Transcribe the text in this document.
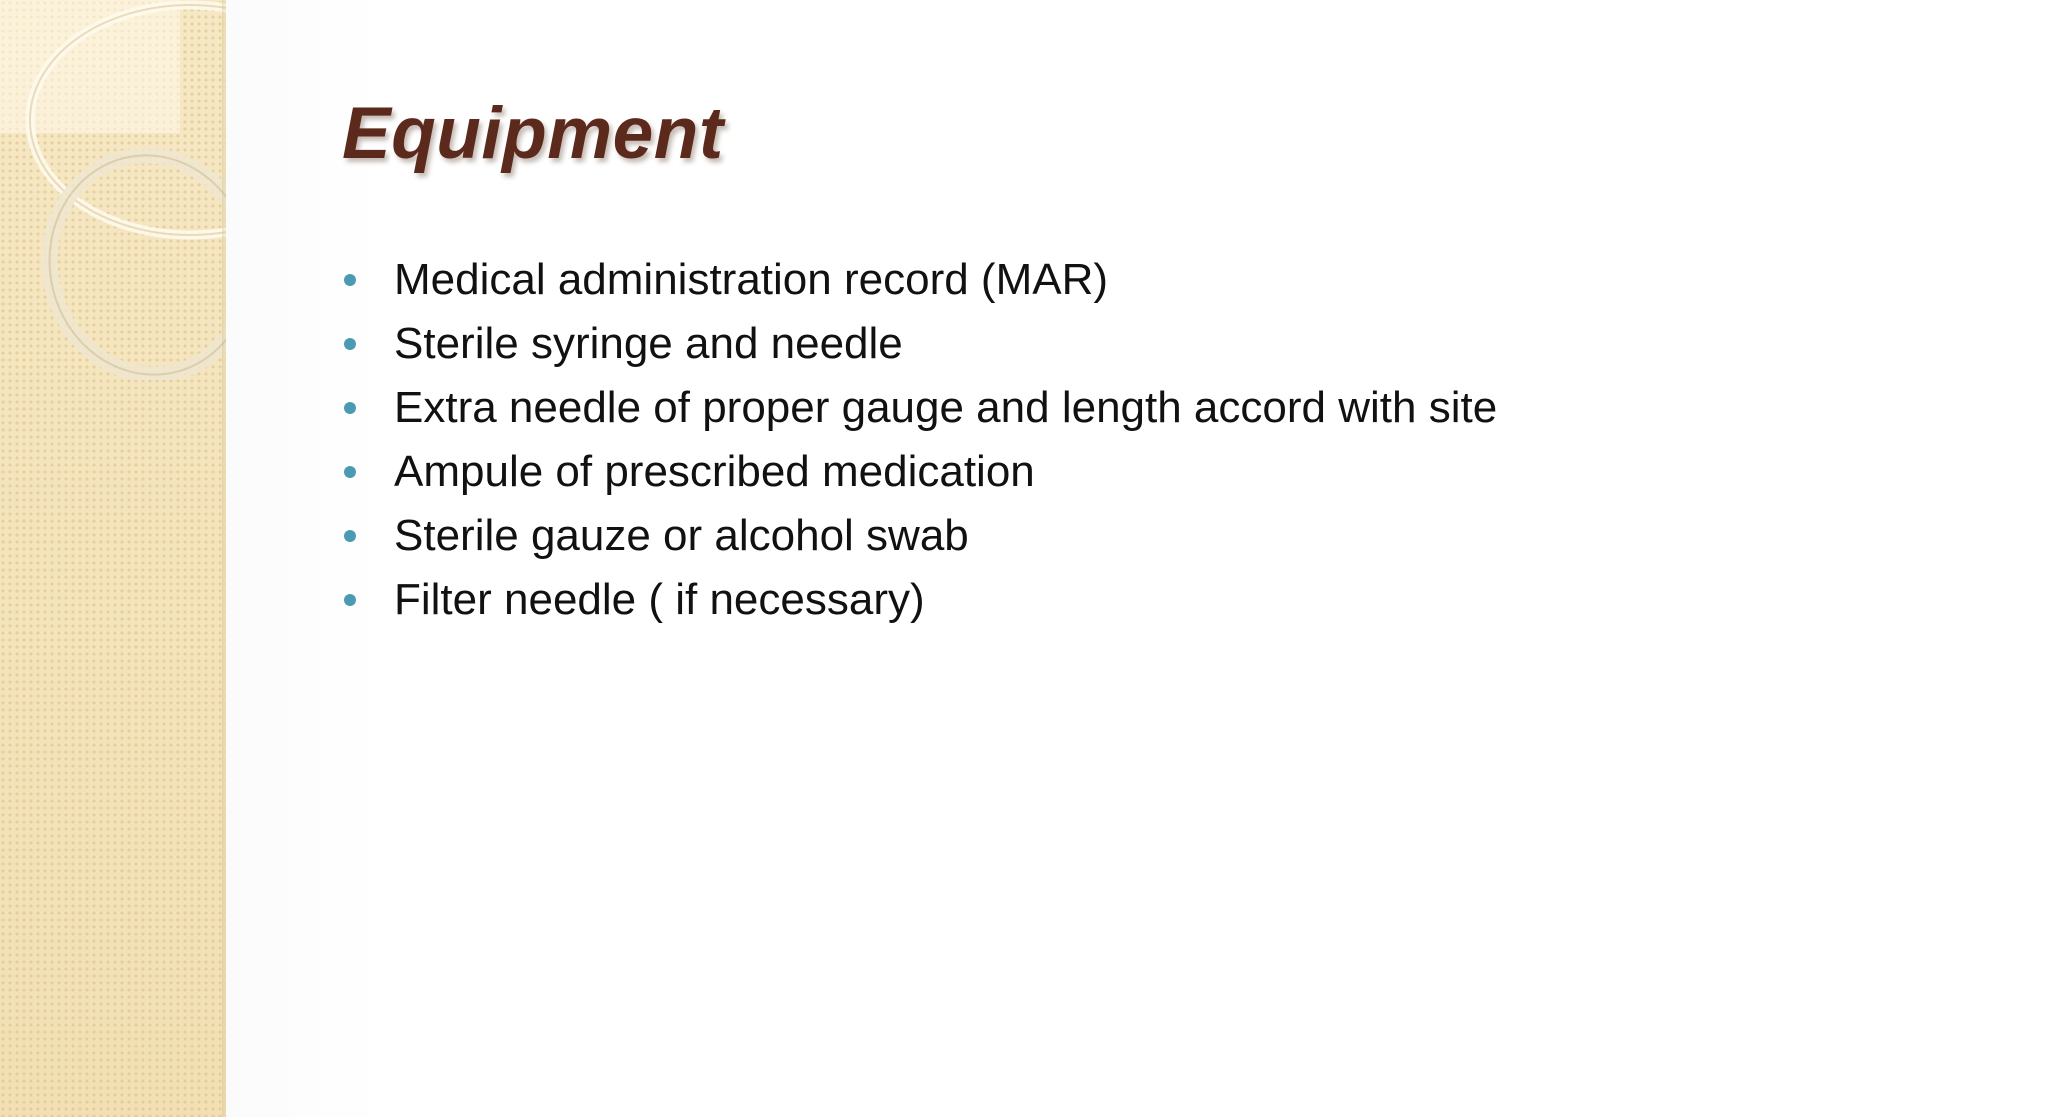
Equipment
Medical administration record (MAR)
Sterile syringe and needle
Extra needle of proper gauge and length accord with site
Ampule of prescribed medication
Sterile gauze or alcohol swab
Filter needle ( if necessary)
